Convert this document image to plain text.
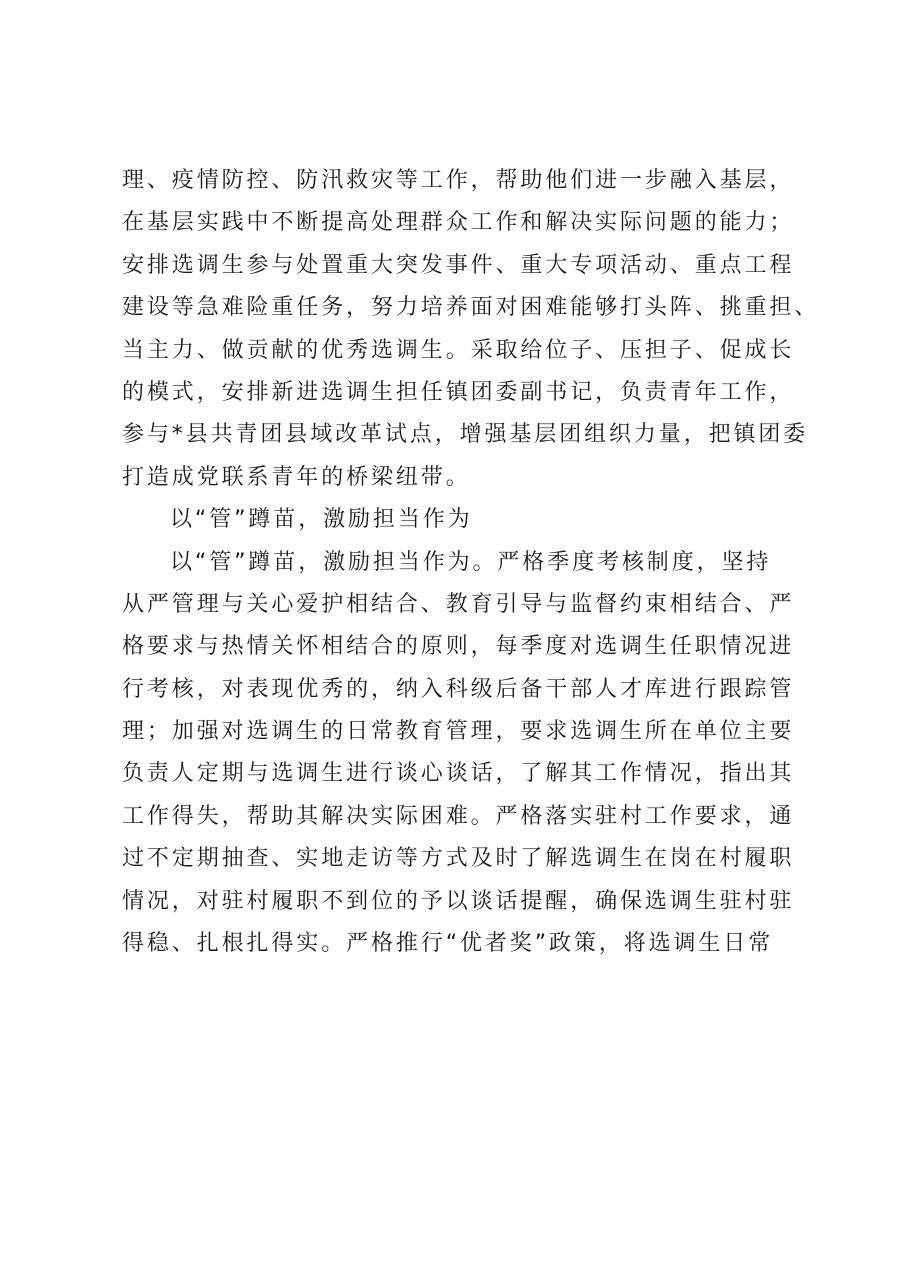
理、疫情防控、防汛救灾等工作，帮助他们进一步融入基层，
在基层实践中不断提高处理群众工作和解决实际问题的能力；
安排选调生参与处置重大突发事件、重大专项活动、重点工程
建设等急难险重任务，努力培养面对困难能够打头阵、挑重担、
当主力、做贡献的优秀选调生。采取给位子、压担子、促成长
的模式，安排新进选调生担任镇团委副书记，负责青年工作，
参与*县共青团县域改革试点，增强基层团组织力量，把镇团委
打造成党联系青年的桥梁纽带。
以“管”蹲苗，激励担当作为
以“管”蹲苗，激励担当作为。严格季度考核制度，坚持
从严管理与关心爱护相结合、教育引导与监督约束相结合、严
格要求与热情关怀相结合的原则，每季度对选调生任职情况进
行考核，对表现优秀的，纳入科级后备干部人才库进行跟踪管
理；加强对选调生的日常教育管理，要求选调生所在单位主要
负责人定期与选调生进行谈心谈话，了解其工作情况，指出其
工作得失，帮助其解决实际困难。严格落实驻村工作要求，通
过不定期抽查、实地走访等方式及时了解选调生在岗在村履职
情况，对驻村履职不到位的予以谈话提醒，确保选调生驻村驻
得稳、扎根扎得实。严格推行“优者奖”政策，将选调生日常
